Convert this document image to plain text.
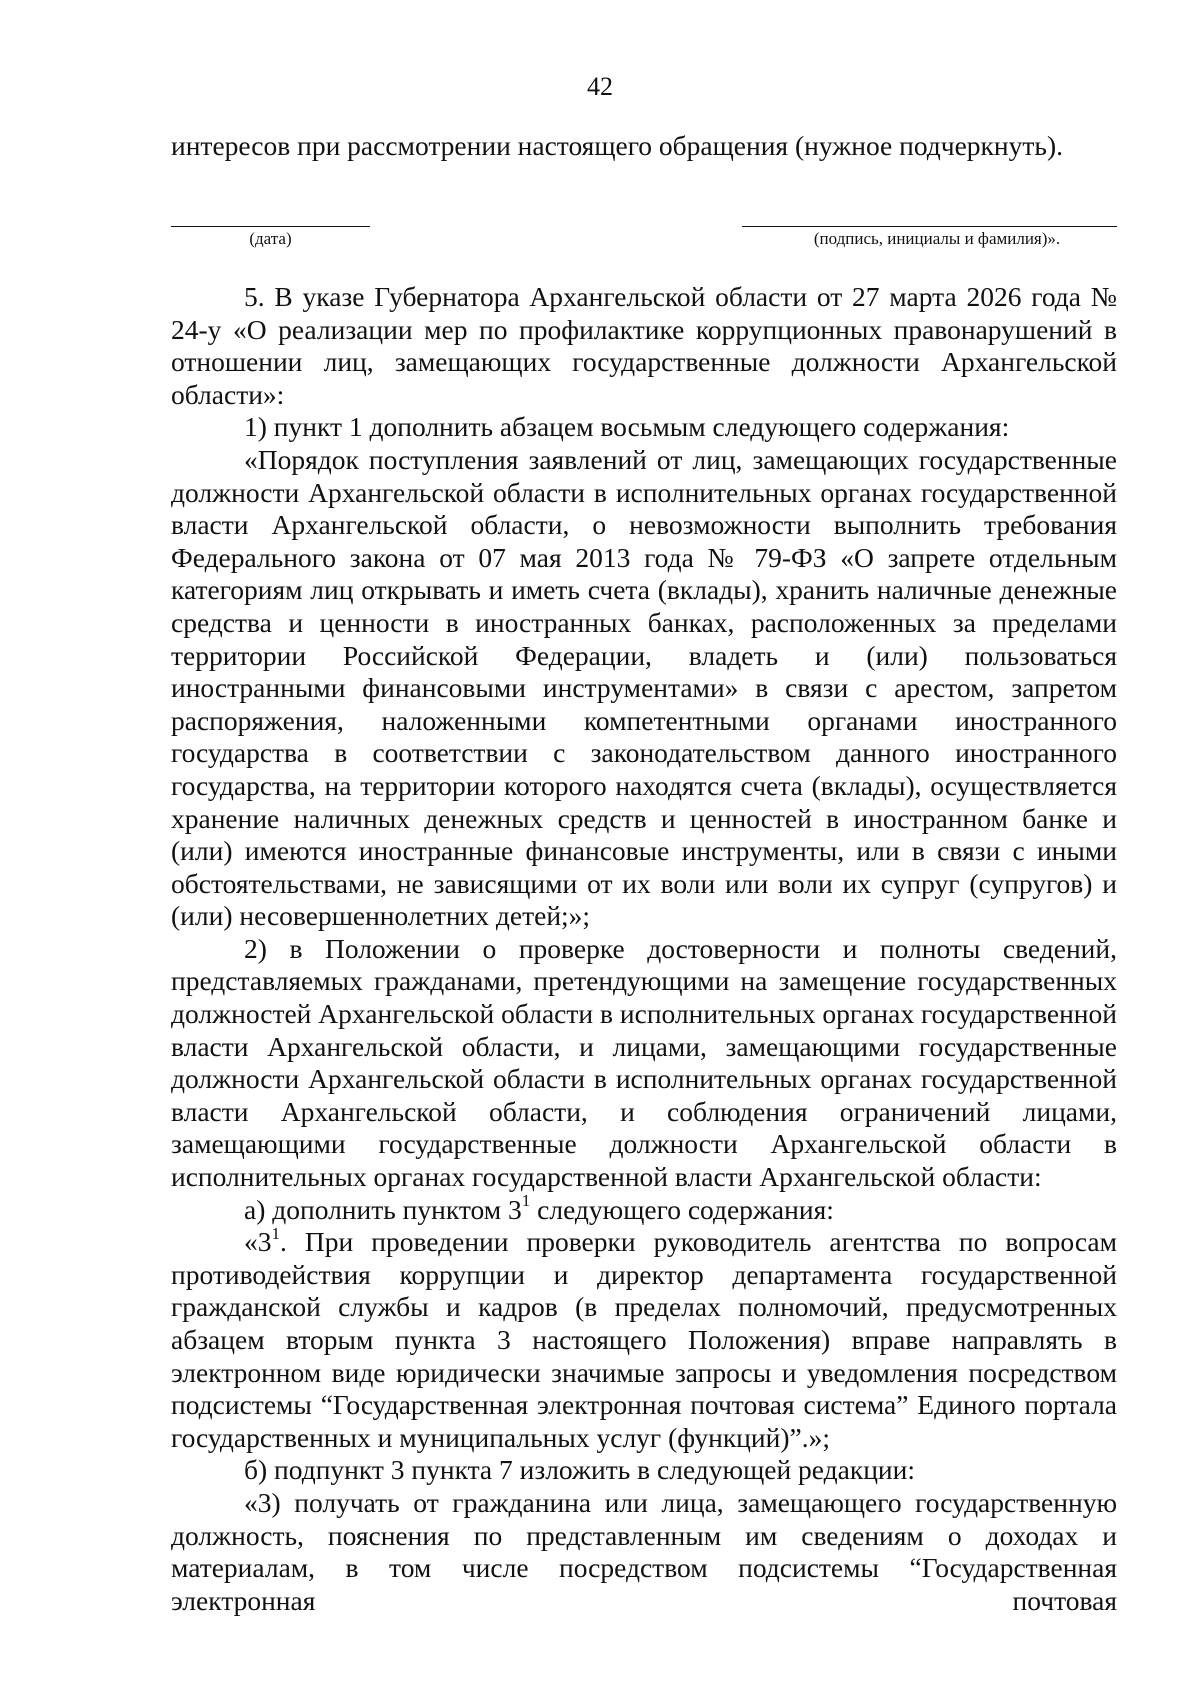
42

интересов при рассмотрении настоящего обращения (нужное подчеркнуть).

(дата)	(подпись, инициалы и фамилия)».

5. В указе Губернатора Архангельской области от 27 марта 2026 года № 24-у «О реализации мер по профилактике коррупционных правонарушений в отношении лиц, замещающих государственные должности Архангельской области»:

1) пункт 1 дополнить абзацем восьмым следующего содержания:

«Порядок поступления заявлений от лиц, замещающих государственные должности Архангельской области в исполнительных органах государственной власти Архангельской области, о невозможности выполнить требования Федерального закона от 07 мая 2013 года № 79-ФЗ «О запрете отдельным категориям лиц открывать и иметь счета (вклады), хранить наличные денежные средства и ценности в иностранных банках, расположенных за пределами территории Российской Федерации, владеть и (или) пользоваться иностранными финансовыми инструментами» в связи с арестом, запретом распоряжения, наложенными компетентными органами иностранного государства в соответствии с законодательством данного иностранного государства, на территории которого находятся счета (вклады), осуществляется хранение наличных денежных средств и ценностей в иностранном банке и (или) имеются иностранные финансовые инструменты, или в связи с иными обстоятельствами, не зависящими от их воли или воли их супруг (супругов) и (или) несовершеннолетних детей;»;

2) в Положении о проверке достоверности и полноты сведений, представляемых гражданами, претендующими на замещение государственных должностей Архангельской области в исполнительных органах государственной власти Архангельской области, и лицами, замещающими государственные должности Архангельской области в исполнительных органах государственной власти Архангельской области, и соблюдения ограничений лицами, замещающими государственные должности Архангельской области в исполнительных органах государственной власти Архангельской области:

а) дополнить пунктом $3^1$ следующего содержания:

«$3^1$. При проведении проверки руководитель агентства по вопросам противодействия коррупции и директор департамента государственной гражданской службы и кадров (в пределах полномочий, предусмотренных абзацем вторым пункта 3 настоящего Положения) вправе направлять в электронном виде юридически значимые запросы и уведомления посредством подсистемы “Государственная электронная почтовая система” Единого портала государственных и муниципальных услуг (функций)”.»;

б) подпункт 3 пункта 7 изложить в следующей редакции:

«3) получать от гражданина или лица, замещающего государственную должность, пояснения по представленным им сведениям о доходах и материалам, в том числе посредством подсистемы “Государственная электронная почтовая
